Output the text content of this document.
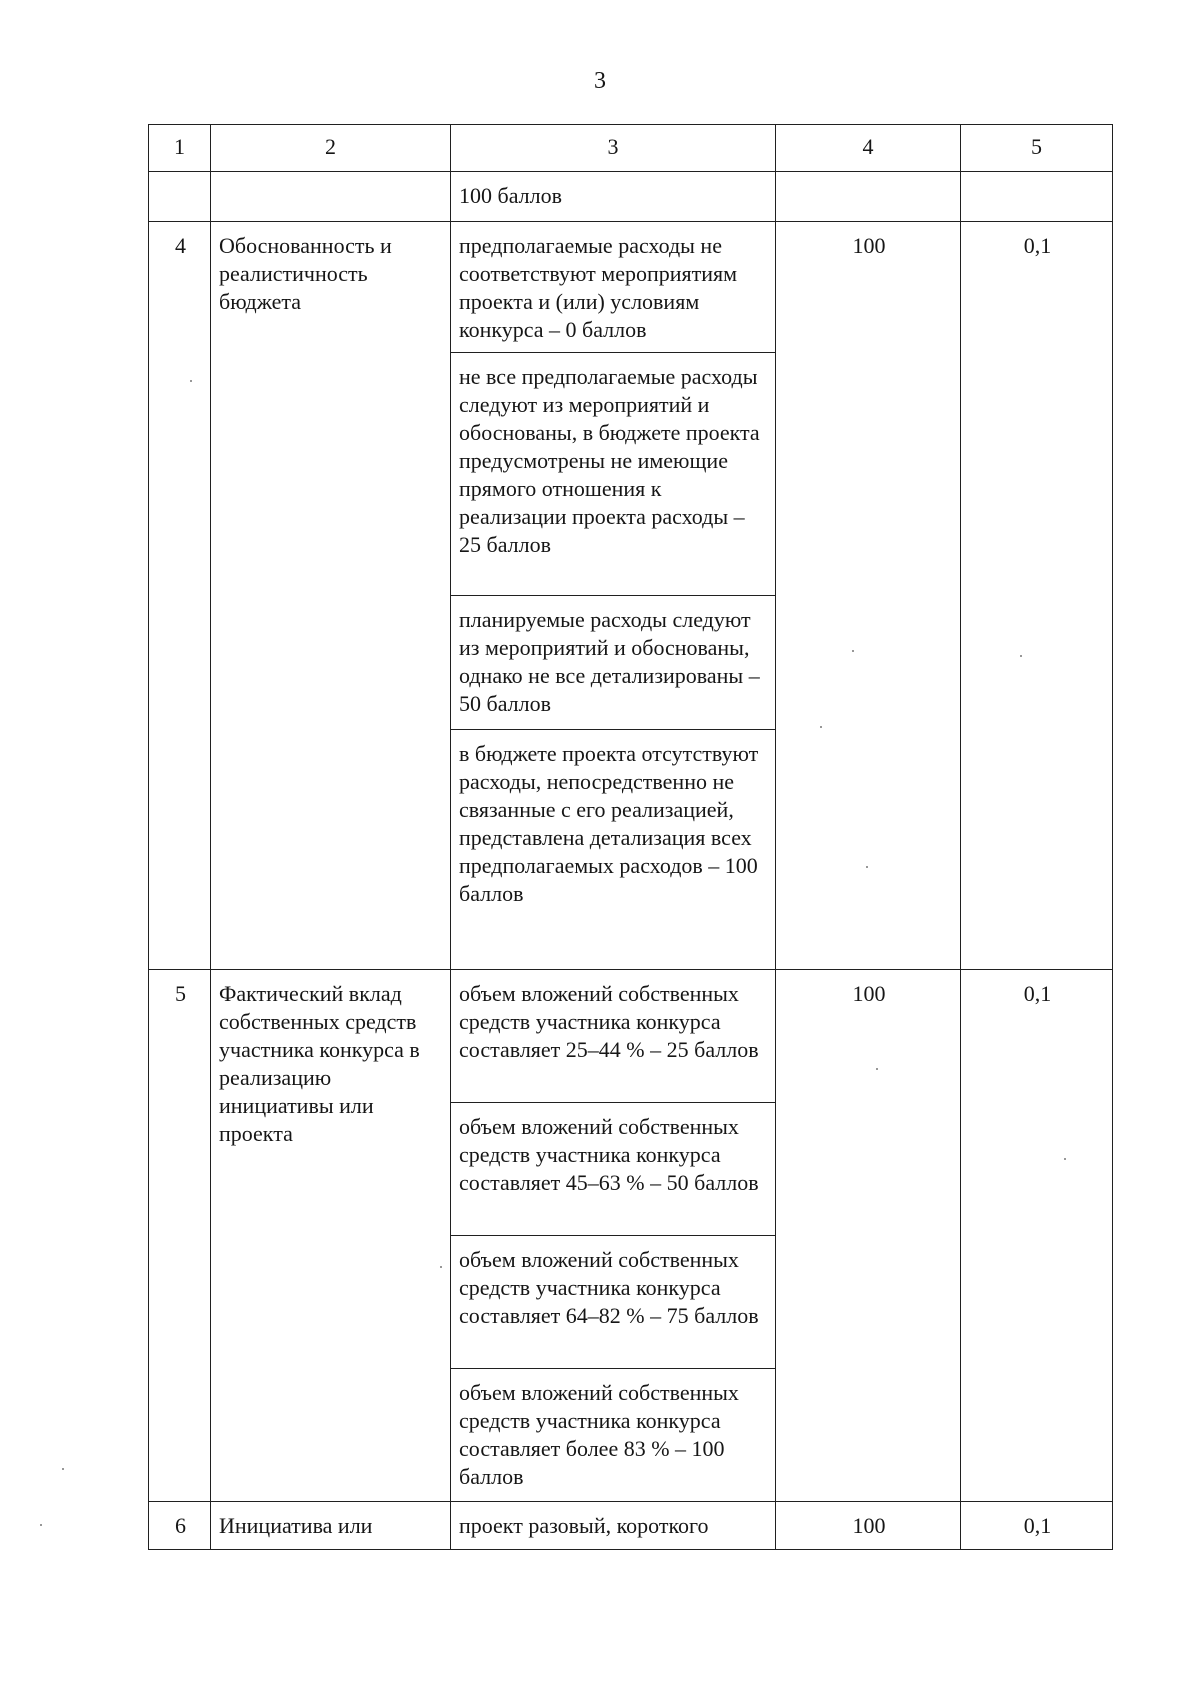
3
1	2	3	4	5
		100 баллов		
4	Обоснованность и реалистичность бюджета	предполагаемые расходы не соответствуют мероприятиям проекта и (или) условиям конкурса – 0 баллов	100	0,1
		не все предполагаемые расходы следуют из мероприятий и обоснованы, в бюджете проекта предусмотрены не имеющие прямого отношения к реализации проекта расходы – 25 баллов		
		планируемые расходы следуют из мероприятий и обоснованы, однако не все детализированы – 50 баллов		
		в бюджете проекта отсутствуют расходы, непосредственно не связанные с его реализацией, представлена детализация всех предполагаемых расходов – 100 баллов		
5	Фактический вклад собственных средств участника конкурса в реализацию инициативы или проекта	объем вложений собственных средств участника конкурса составляет 25–44 % – 25 баллов	100	0,1
		объем вложений собственных средств участника конкурса составляет 45–63 % – 50 баллов		
		объем вложений собственных средств участника конкурса составляет 64–82 % – 75 баллов		
		объем вложений собственных средств участника конкурса составляет более 83 % – 100 баллов		
6	Инициатива или	проект разовый, короткого	100	0,1
